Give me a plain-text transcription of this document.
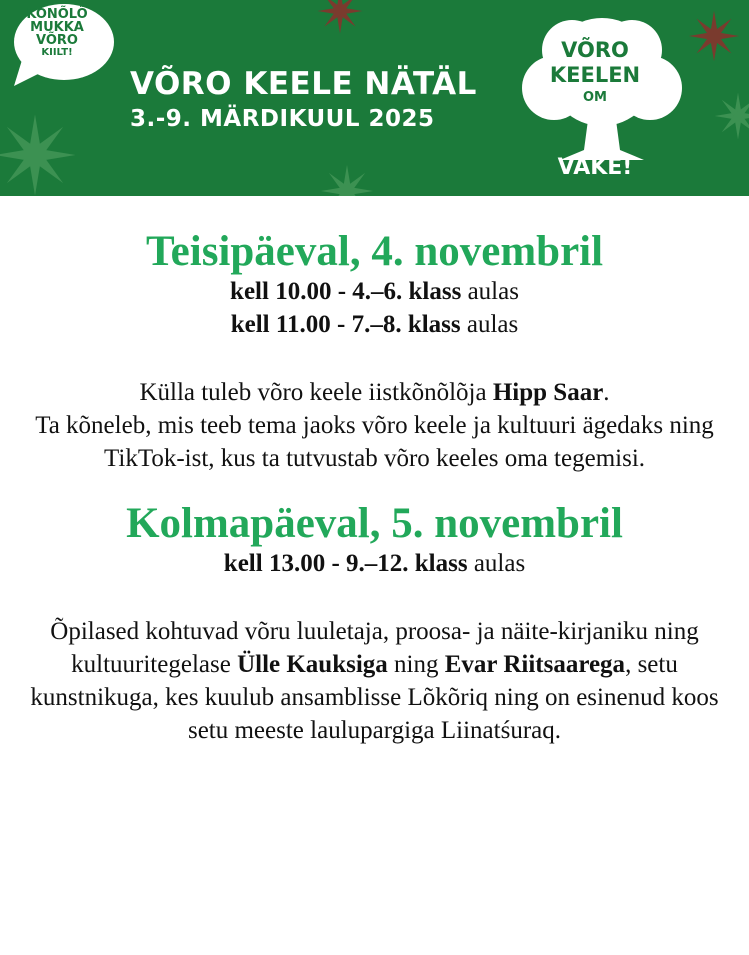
KÕNÕLÕ
MUKKA
VÕRO
KIILT!
VÕRO KEELE NÄTÄL
3.-9. MÄRDIKUUL 2025
VÕRO
KEELEN
OM
VÄKE!
Teisipäeval, 4. novembril

kell 10.00 - 4.–6. klass aulas

kell 11.00 - 7.–8. klass aulas

Külla tuleb võro keele iistkõnõlõja Hipp Saar.
Ta kõneleb, mis teeb tema jaoks võro keele ja kultuuri ägedaks ning TikTok-ist, kus ta tutvustab võro keeles oma tegemisi.

Kolmapäeval, 5. novembril

kell 13.00 - 9.–12. klass aulas

Õpilased kohtuvad võru luuletaja, proosa- ja näite-kirjaniku ning kultuuritegelase Ülle Kauksiga ning Evar Riitsaarega, setu kunstnikuga, kes kuulub ansamblisse Lõkõriq ning on esinenud koos setu meeste laulupargiga Liinatśuraq.
